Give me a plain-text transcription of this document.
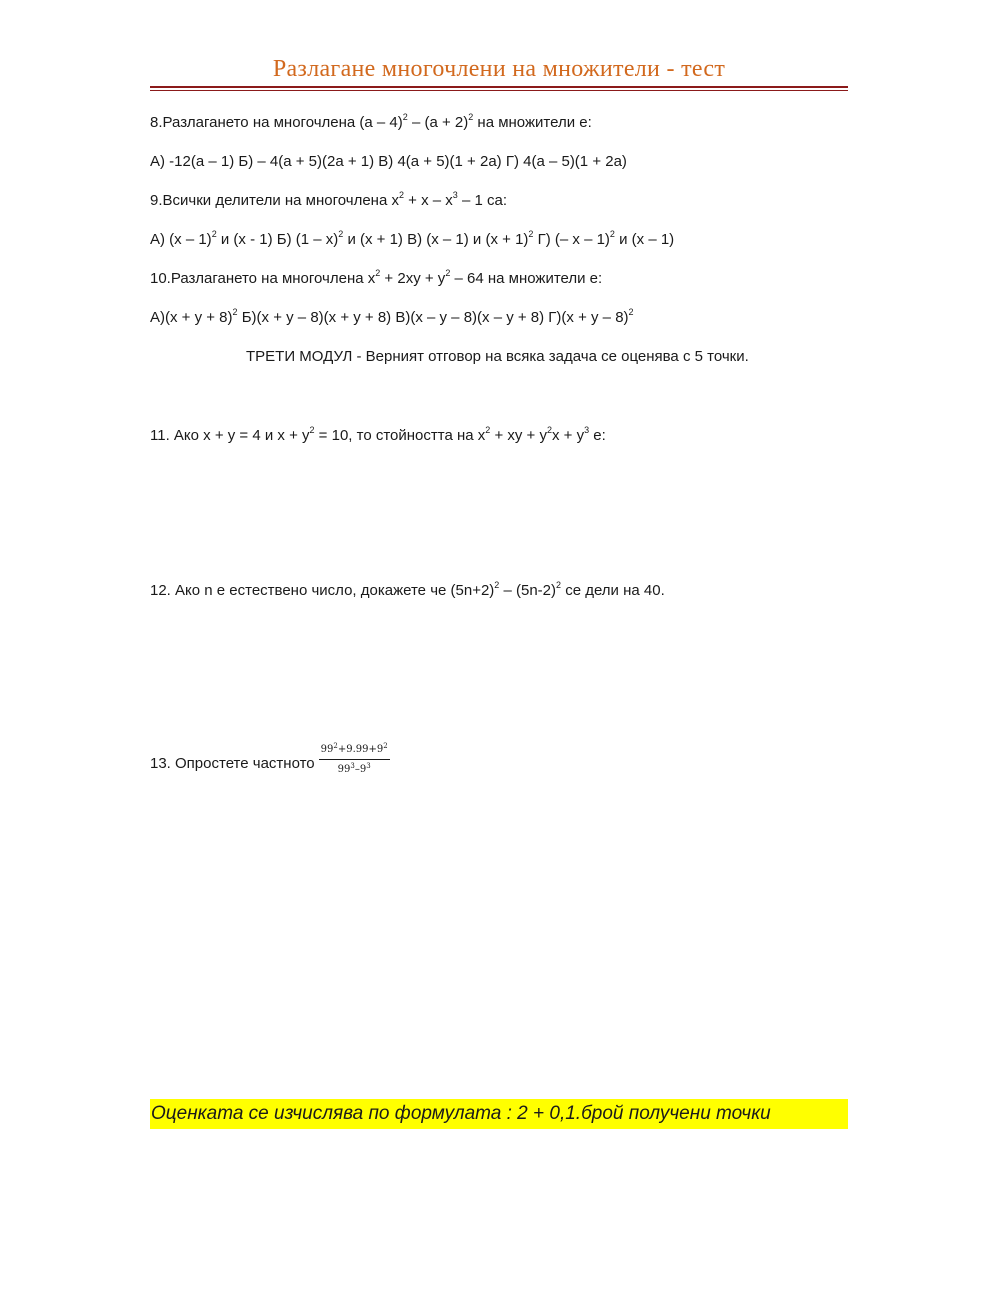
Разлагане многочлени на множители - тест
8.Разлагането на многочлена $(а - 4)^2 - (а + 2)^2$ на множители е:
А) -12(а – 1) Б) – 4(а + 5)(2а + 1) В) 4(а + 5)(1 + 2а) Г) 4(а – 5)(1 + 2а)
9.Всички делители на многочлена $x^2 + x - x^3 - 1$ са:
А) (x – 1)$^2$ и (x - 1) Б) (1 – x)$^2$ и (x + 1) В) (x – 1) и $(x + 1)^2$ Г) (– x – 1)$^2$ и (x – 1)
10.Разлагането на многочлена $x^2 + 2xy + y^2 - 64$ на множители е:
$А)(x + y + 8)^2$ Б)(x + y – 8)(x + y + 8) В)(x – y – 8)(x – y + 8) $Г)(x + y - 8)^2$
ТРЕТИ МОДУЛ - Верният отговор на всяка задача се оценява с 5 точки.
11. Ако x + y = 4 и $x + y^2 = 10$, то стойността на $x^2$ + xy + $y^2x + y^3$ е:
12. Ако n е естествено число, докажете че $(5n+2)^2 - (5n-2)^2$ се дели на 40.
13. Опростете частното $\frac{99^2+9.99+9^2}{99^3-9^3}$
Оценката се изчислява по формулата : 2 + 0,1.брой получени точки
